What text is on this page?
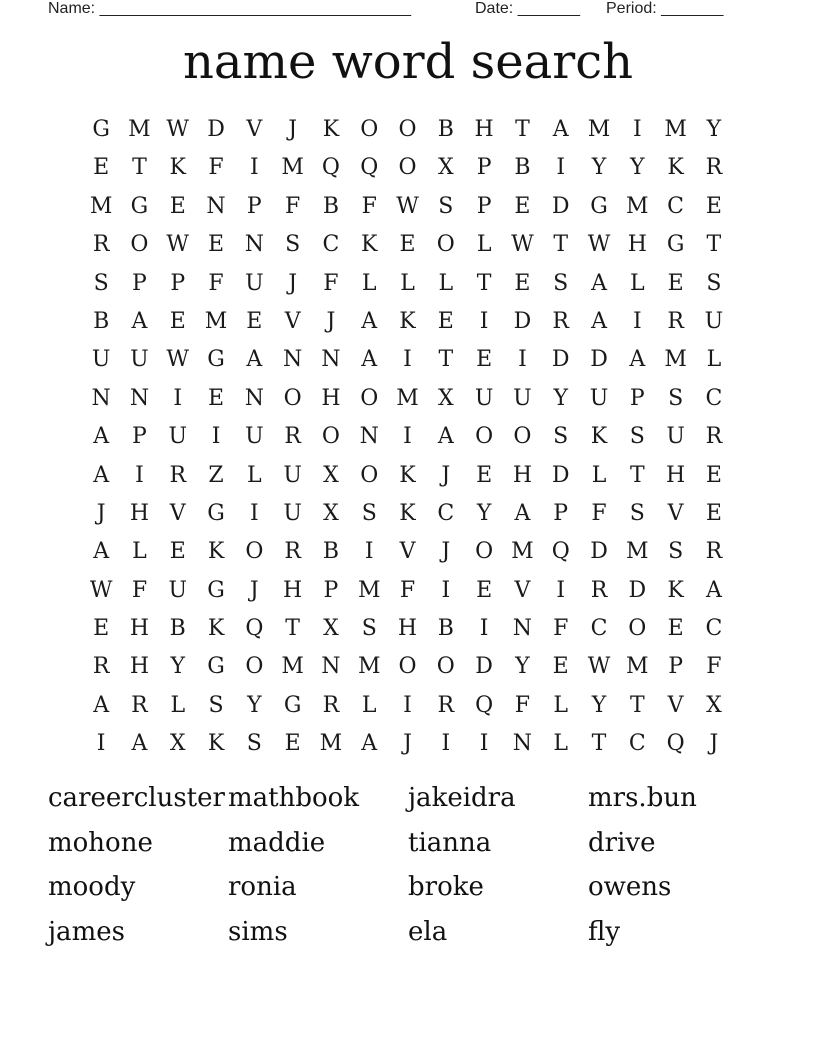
Name: ___________________________________	Date: _______ Period: _______
name word search
G M W D V	J	K O O B H T	A M	I	M Y
E	T	K	F	I	M Q Q O X	P	B	I	Y	Y	K R
M G E N P	F	B	F W S	P	E D G M C E
R O W E N S	C K	E O L W T W H G	T
S	P	P	F U	J	F	L	L	L	T	E	S	A	L	E	S
B	A	E M E	V	J	A	K	E	I	D R	A	I	R U
U U W G A N N A	I	T	E	I	D D A M L
N N	I	E N O H O M X U U Y U P	S	C
A	P U	I	U R O N	I	A O O S	K	S U R
A	I	R	Z	L U X O K	J	E H D	L	T H E
J	H V G	I	U X	S	K C	Y	A	P	F	S	V	E
A	L	E	K O R B	I	V	J	O M Q D M S	R
W F U G	J	H P M F	I	E	V	I	R D K	A
E H B K Q T	X	S H B	I	N F	C O E C
R H Y	G O M N M O O D	Y	E W M P	F
A	R	L	S	Y	G R	L	I	R Q F	L	Y	T	V	X
I	A	X	K	S	E M A	J	I	I	N L	T	C Q	J
careercluster mathbook	jakeidra	mrs.bun
mohone	maddie	tianna	drive
moody	ronia	broke	owens
james	sims	ela	fly
